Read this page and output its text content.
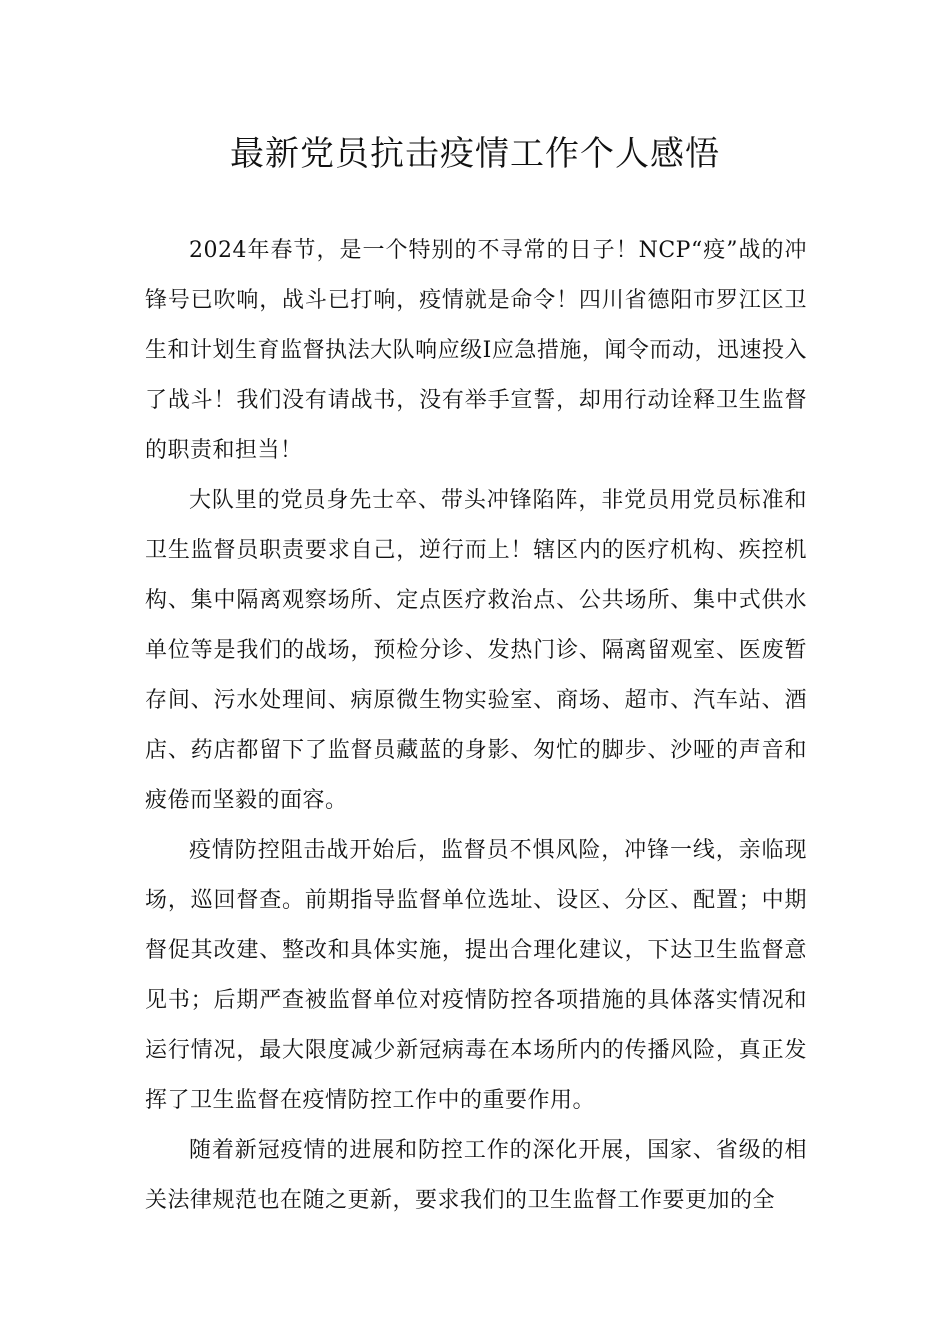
最新党员抗击疫情工作个人感悟

2024年春节，是一个特别的不寻常的日子！NCP“疫”战的冲锋号已吹响，战斗已打响，疫情就是命令！四川省德阳市罗江区卫生和计划生育监督执法大队响应级Ⅰ应急措施，闻令而动，迅速投入了战斗！我们没有请战书，没有举手宣誓，却用行动诠释卫生监督的职责和担当！

大队里的党员身先士卒、带头冲锋陷阵，非党员用党员标准和卫生监督员职责要求自己，逆行而上！辖区内的医疗机构、疾控机构、集中隔离观察场所、定点医疗救治点、公共场所、集中式供水单位等是我们的战场，预检分诊、发热门诊、隔离留观室、医废暂存间、污水处理间、病原微生物实验室、商场、超市、汽车站、酒店、药店都留下了监督员藏蓝的身影、匆忙的脚步、沙哑的声音和疲倦而坚毅的面容。

疫情防控阻击战开始后，监督员不惧风险，冲锋一线，亲临现场，巡回督查。前期指导监督单位选址、设区、分区、配置；中期督促其改建、整改和具体实施，提出合理化建议，下达卫生监督意见书；后期严查被监督单位对疫情防控各项措施的具体落实情况和运行情况，最大限度减少新冠病毒在本场所内的传播风险，真正发挥了卫生监督在疫情防控工作中的重要作用。

随着新冠疫情的进展和防控工作的深化开展，国家、省级的相关法律规范也在随之更新，要求我们的卫生监督工作要更加的全
